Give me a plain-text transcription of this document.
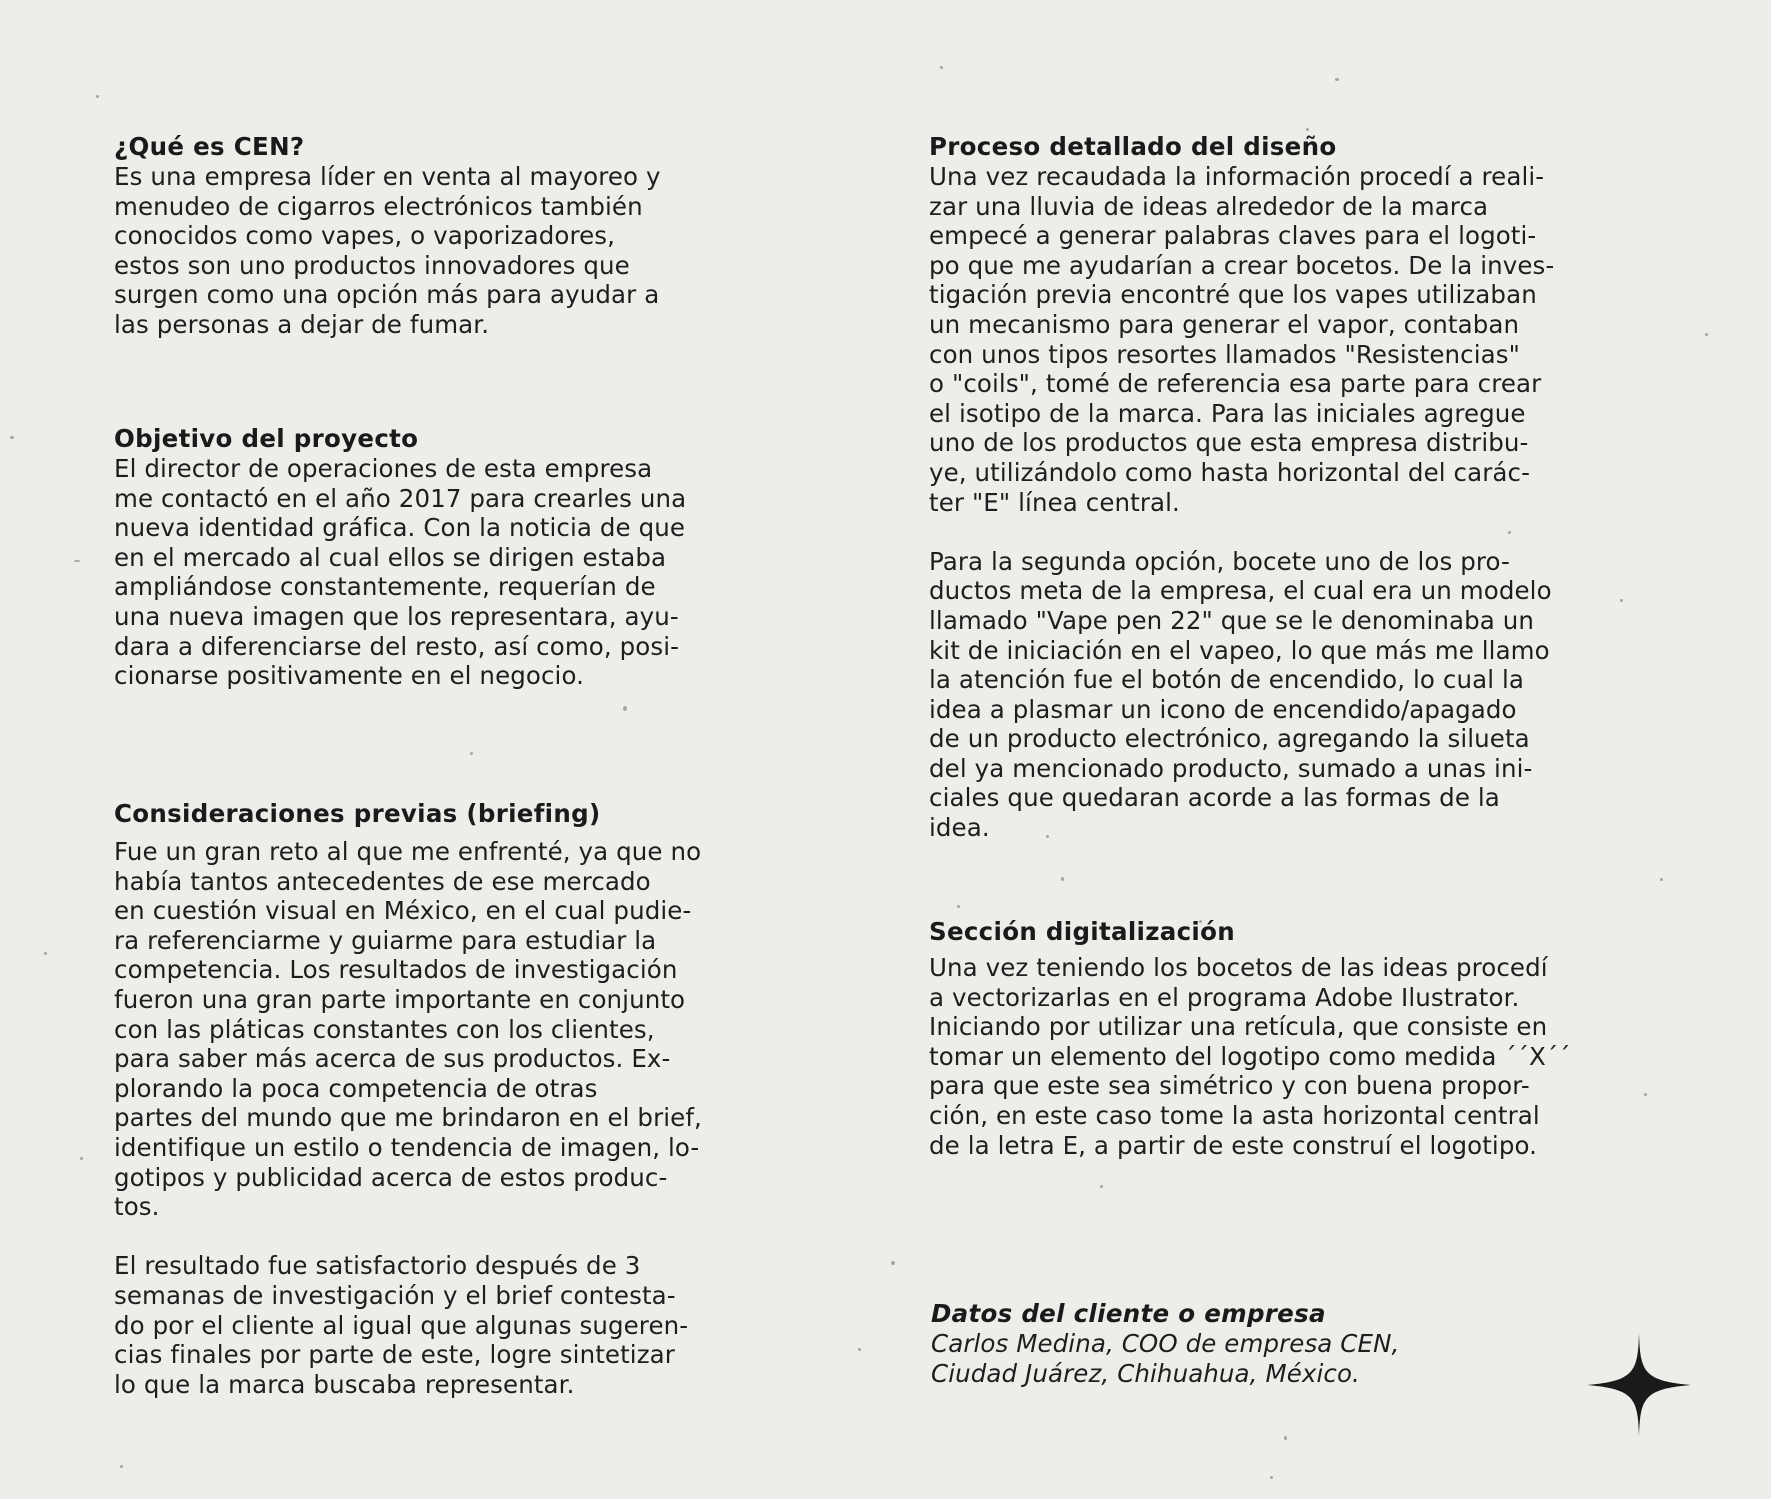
¿Qué es CEN?

Es una empresa líder en venta al mayoreo y
menudeo de cigarros electrónicos también
conocidos como vapes, o vaporizadores,
estos son uno productos innovadores que
surgen como una opción más para ayudar a
las personas a dejar de fumar.

Objetivo del proyecto

El director de operaciones de esta empresa
me contactó en el año 2017 para crearles una
nueva identidad gráfica. Con la noticia de que
en el mercado al cual ellos se dirigen estaba
ampliándose constantemente, requerían de
una nueva imagen que los representara, ayu-
dara a diferenciarse del resto, así como, posi-
cionarse positivamente en el negocio.

Consideraciones previas (briefing)

Fue un gran reto al que me enfrenté, ya que no
había tantos antecedentes de ese mercado
en cuestión visual en México, en el cual pudie-
ra referenciarme y guiarme para estudiar la
competencia. Los resultados de investigación
fueron una gran parte importante en conjunto
con las pláticas constantes con los clientes,
para saber más acerca de sus productos. Ex-
plorando la poca competencia de otras
partes del mundo que me brindaron en el brief,
identifique un estilo o tendencia de imagen, lo-
gotipos y publicidad acerca de estos produc-
tos.

El resultado fue satisfactorio después de 3
semanas de investigación y el brief contesta-
do por el cliente al igual que algunas sugeren-
cias finales por parte de este, logre sintetizar
lo que la marca buscaba representar.

Proceso detallado del diseño

Una vez recaudada la información procedí a reali-
zar una lluvia de ideas alrededor de la marca
empecé a generar palabras claves para el logoti-
po que me ayudarían a crear bocetos. De la inves-
tigación previa encontré que los vapes utilizaban
un mecanismo para generar el vapor, contaban
con unos tipos resortes llamados "Resistencias"
o "coils", tomé de referencia esa parte para crear
el isotipo de la marca. Para las iniciales agregue
uno de los productos que esta empresa distribu-
ye, utilizándolo como hasta horizontal del carác-
ter "E" línea central.

Para la segunda opción, bocete uno de los pro-
ductos meta de la empresa, el cual era un modelo
llamado "Vape pen 22" que se le denominaba un
kit de iniciación en el vapeo, lo que más me llamo
la atención fue el botón de encendido, lo cual la
idea a plasmar un icono de encendido/apagado
de un producto electrónico, agregando la silueta
del ya mencionado producto, sumado a unas ini-
ciales que quedaran acorde a las formas de la
idea.

Sección digitalización

Una vez teniendo los bocetos de las ideas procedí
a vectorizarlas en el programa Adobe Ilustrator.
Iniciando por utilizar una retícula, que consiste en
tomar un elemento del logotipo como medida ´´X´´
para que este sea simétrico y con buena propor-
ción, en este caso tome la asta horizontal central
de la letra E, a partir de este construí el logotipo.

Datos del cliente o empresa

Carlos Medina, COO de empresa CEN,
Ciudad Juárez, Chihuahua, México.
